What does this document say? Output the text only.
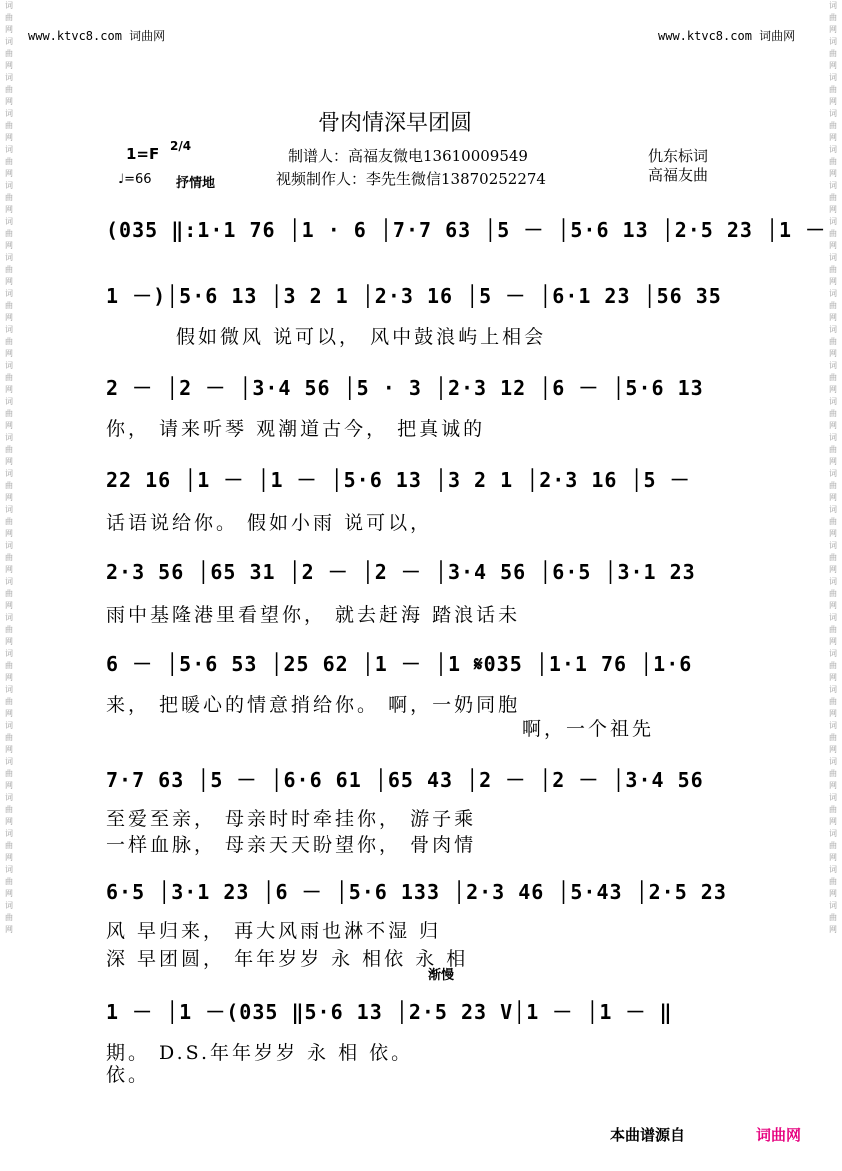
词曲网词曲网词曲网词曲网词曲网词曲网词曲网词曲网词曲网词曲网词曲网词曲网词曲网词曲网词曲网词曲网词曲网词曲网词曲网词曲网词曲网词曲网词曲网词曲网词曲网词曲网
词曲网词曲网词曲网词曲网词曲网词曲网词曲网词曲网词曲网词曲网词曲网词曲网词曲网词曲网词曲网词曲网词曲网词曲网词曲网词曲网词曲网词曲网词曲网词曲网词曲网词曲网
www.ktvc8.com 词曲网	www.ktvc8.com 词曲网
骨肉情深早团圆
1=F 2/4
♩=66 抒情地
制谱人：高福友微电13610009549
视频制作人：李先生微信13870252274
仇东标词
高福友曲
(035 ‖:1·1 76 │1 · 6 │7·7 63 │5 － │5·6 13 │2·5 23 │1 －
1 －)│5·6 13 │3 2 1 │2·3 16 │5 － │6·1 23 │56 35
假如微风 说可以， 风中鼓浪屿上相会
2 － │2 － │3·4 56 │5 · 3 │2·3 12 │6 － │5·6 13
你， 请来听琴 观潮道古今， 把真诚的
22 16 │1 － │1 － │5·6 13 │3 2 1 │2·3 16 │5 －
话语说给你。 假如小雨 说可以，
2·3 56 │65 31 │2 － │2 － │3·4 56 │6·5 │3·1 23
雨中基隆港里看望你， 就去赶海 踏浪话未
6 － │5·6 53 │25 62 │1 － │1 𝄋035 │1·1 76 │1·6
来， 把暖心的情意捎给你。 啊，一奶同胞
啊，一个祖先
7·7 63 │5 － │6·6 61 │65 43 │2 － │2 － │3·4 56
至爱至亲， 母亲时时牵挂你， 游子乘
一样血脉， 母亲天天盼望你， 骨肉情
6·5 │3·1 23 │6 － │5·6 133 │2·3 46 │5·43 │2·5 23
风 早归来， 再大风雨也淋不湿 归
深 早团圆， 年年岁岁 永 相依 永 相
渐慢
1 － │1 －(035 ‖5·6 13 │2·5 23 V│1 － │1 － ‖
期。 D.S.年年岁岁 永 相 依。
依。
本曲谱源自	词曲网
